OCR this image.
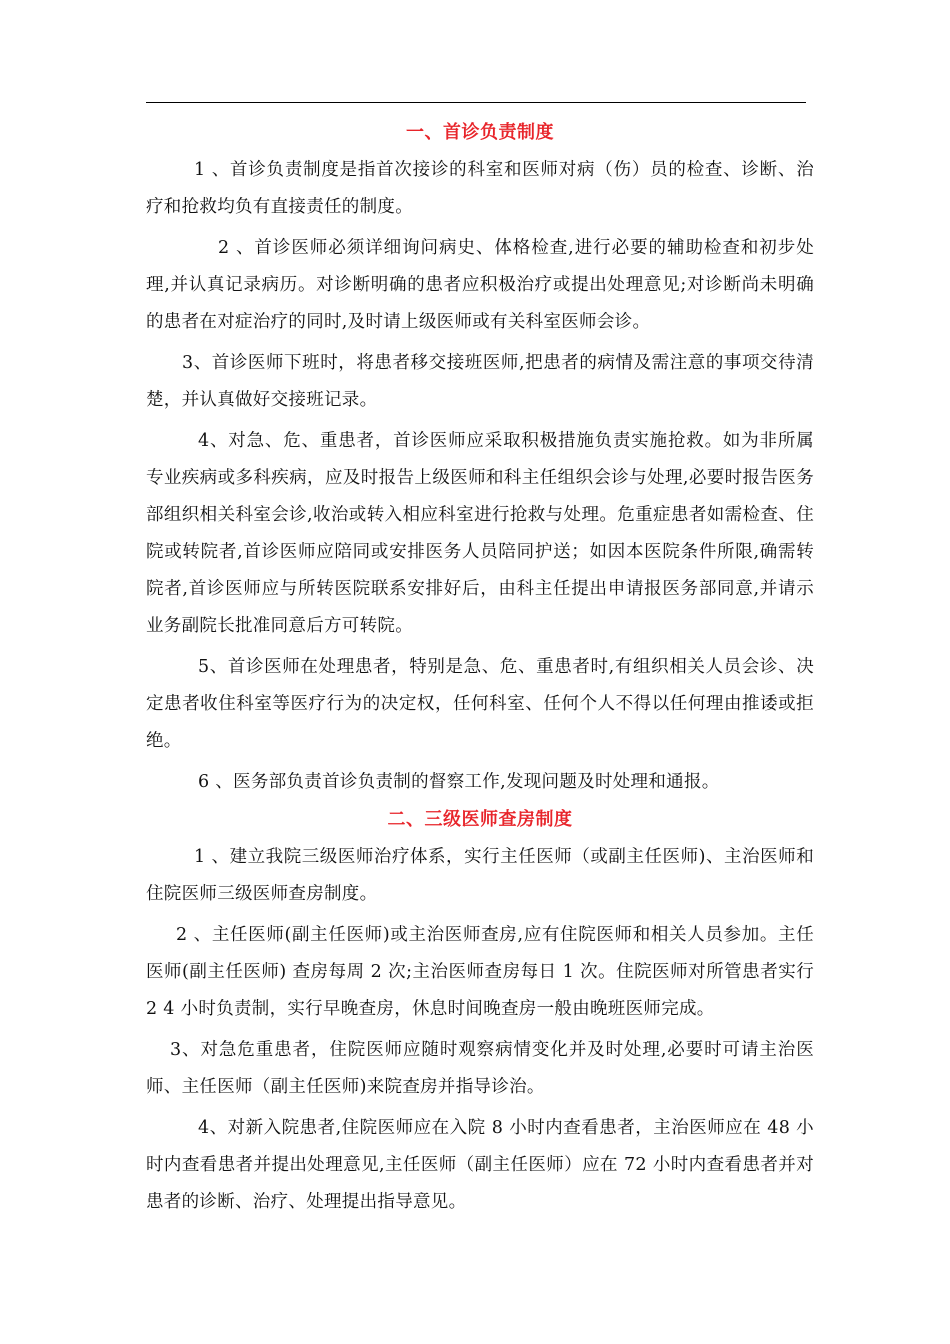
一、首诊负责制度

1 、首诊负责制度是指首次接诊的科室和医师对病（伤）员的检查、诊断、治疗和抢救均负有直接责任的制度。

2 、首诊医师必须详细询问病史、体格检查,进行必要的辅助检查和初步处理,并认真记录病历。对诊断明确的患者应积极治疗或提出处理意见;对诊断尚未明确的患者在对症治疗的同时,及时请上级医师或有关科室医师会诊。

3、首诊医师下班时，将患者移交接班医师,把患者的病情及需注意的事项交待清楚，并认真做好交接班记录。

4、对急、危、重患者，首诊医师应采取积极措施负责实施抢救。如为非所属专业疾病或多科疾病，应及时报告上级医师和科主任组织会诊与处理,必要时报告医务部组织相关科室会诊,收治或转入相应科室进行抢救与处理。危重症患者如需检查、住院或转院者,首诊医师应陪同或安排医务人员陪同护送；如因本医院条件所限,确需转院者,首诊医师应与所转医院联系安排好后，由科主任提出申请报医务部同意,并请示业务副院长批准同意后方可转院。

5、首诊医师在处理患者，特别是急、危、重患者时,有组织相关人员会诊、决定患者收住科室等医疗行为的决定权，任何科室、任何个人不得以任何理由推诿或拒绝。

6 、医务部负责首诊负责制的督察工作,发现问题及时处理和通报。

二、三级医师查房制度

1 、建立我院三级医师治疗体系，实行主任医师（或副主任医师)、主治医师和住院医师三级医师查房制度。

2 、主任医师(副主任医师)或主治医师查房,应有住院医师和相关人员参加。主任医师(副主任医师) 查房每周 2 次;主治医师查房每日 1 次。住院医师对所管患者实行 2 4 小时负责制，实行早晚查房，休息时间晚查房一般由晚班医师完成。

3、对急危重患者，住院医师应随时观察病情变化并及时处理,必要时可请主治医师、主任医师（副主任医师)来院查房并指导诊治。

4、对新入院患者,住院医师应在入院 8 小时内查看患者，主治医师应在 48 小时内查看患者并提出处理意见,主任医师（副主任医师）应在 72 小时内查看患者并对患者的诊断、治疗、处理提出指导意见。
